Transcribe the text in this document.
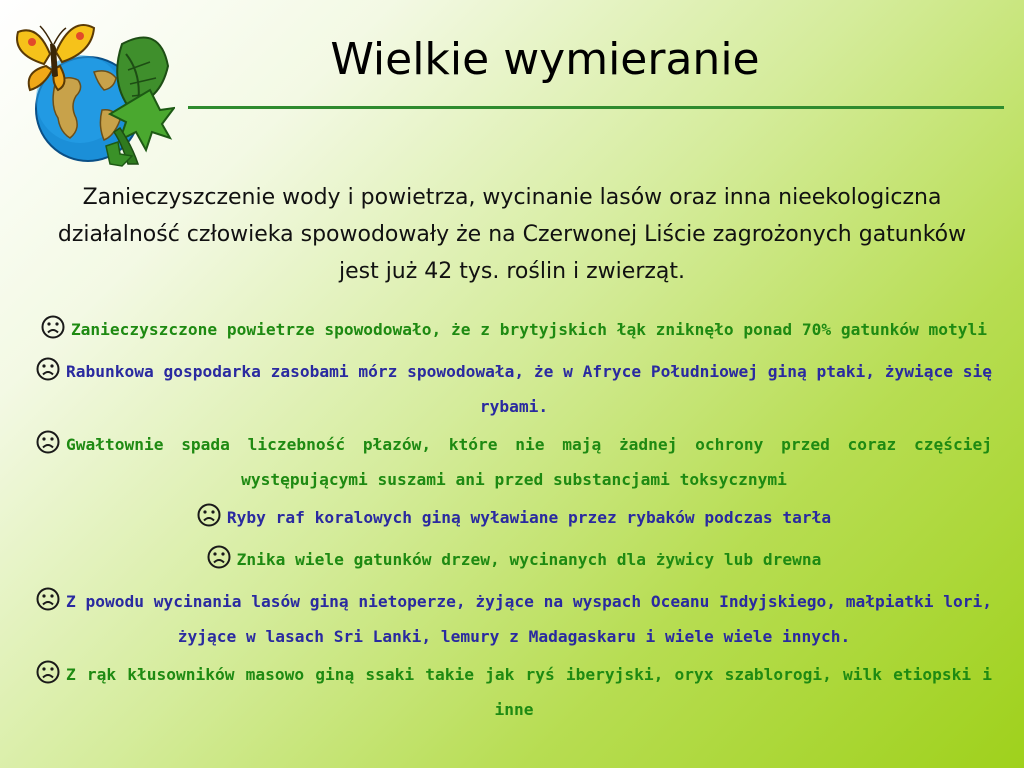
Wielkie wymieranie
Zanieczyszczenie wody i powietrza, wycinanie lasów oraz inna nieekologiczna działalność człowieka spowodowały że na Czerwonej Liście zagrożonych gatunków jest już 42 tys. roślin i zwierząt.
Zanieczyszczone powietrze spowodowało, że z brytyjskich łąk zniknęło ponad 70% gatunków motyli
Rabunkowa gospodarka zasobami mórz spowodowała, że w Afryce Południowej giną ptaki, żywiące się rybami.
Gwałtownie spada liczebność płazów, które nie mają żadnej ochrony przed coraz częściej występującymi suszami ani przed substancjami toksycznymi
Ryby raf koralowych giną wyławiane przez rybaków podczas tarła
Znika wiele gatunków drzew, wycinanych dla żywicy lub drewna
Z powodu wycinania lasów giną nietoperze, żyjące na wyspach Oceanu Indyjskiego, małpiatki lori, żyjące w lasach Sri Lanki, lemury z Madagaskaru i wiele wiele innych.
Z rąk kłusowników masowo giną ssaki takie jak ryś iberyjski, oryx szablorogi, wilk etiopski i inne
